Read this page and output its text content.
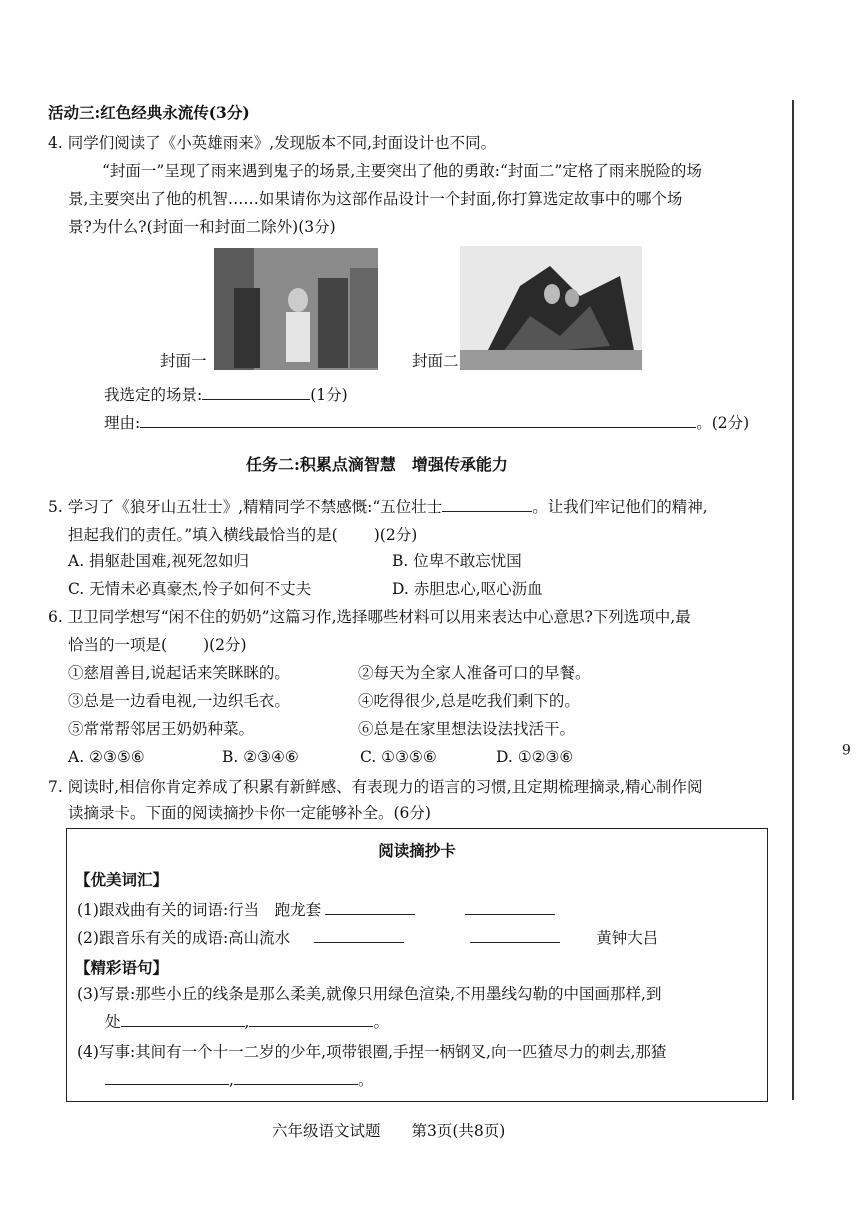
6
活动三:红色经典永流传(3分)
4. 同学们阅读了《小英雄雨来》,发现版本不同,封面设计也不同。
“封面一”呈现了雨来遇到鬼子的场景,主要突出了他的勇敢:“封面二”定格了雨来脱险的场
景,主要突出了他的机智……如果请你为这部作品设计一个封面,你打算选定故事中的哪个场
景?为什么?(封面一和封面二除外)(3分)
封面一	封面二
我选定的场景:	(1分)
理由:	。(2分)
任务二:积累点滴智慧　增强传承能力
5. 学习了《狼牙山五壮士》,精精同学不禁感慨:“五位壮士	。让我们牢记他们的精神,
担起我们的责任。”填入横线最恰当的是( )(2分)
A. 捐躯赴国难,视死忽如归	B. 位卑不敢忘忧国
C. 无情未必真豪杰,怜子如何不丈夫	D. 赤胆忠心,呕心沥血
6. 卫卫同学想写“闲不住的奶奶”这篇习作,选择哪些材料可以用来表达中心意思?下列选项中,最
恰当的一项是( )(2分)
①慈眉善目,说起话来笑眯眯的。	②每天为全家人准备可口的早餐。
③总是一边看电视,一边织毛衣。	④吃得很少,总是吃我们剩下的。
⑤常常帮邻居王奶奶种菜。	⑥总是在家里想法设法找活干。
A. ②③⑤⑥	B. ②③④⑥	C. ①③⑤⑥	D. ①②③⑥
7. 阅读时,相信你肯定养成了积累有新鲜感、有表现力的语言的习惯,且定期梳理摘录,精心制作阅
读摘录卡。下面的阅读摘抄卡你一定能够补全。(6分)
阅读摘抄卡
【优美词汇】
(1)跟戏曲有关的词语:行当　跑龙套
(2)跟音乐有关的成语:高山流水	黄钟大吕
【精彩语句】
(3)写景:那些小丘的线条是那么柔美,就像只用绿色渲染,不用墨线勾勒的中国画那样,到
处	,	。
(4)写事:其间有一个十一二岁的少年,项带银圈,手捏一柄钢叉,向一匹猹尽力的刺去,那猹
,	。
六年级语文试题　　第3页(共8页)
